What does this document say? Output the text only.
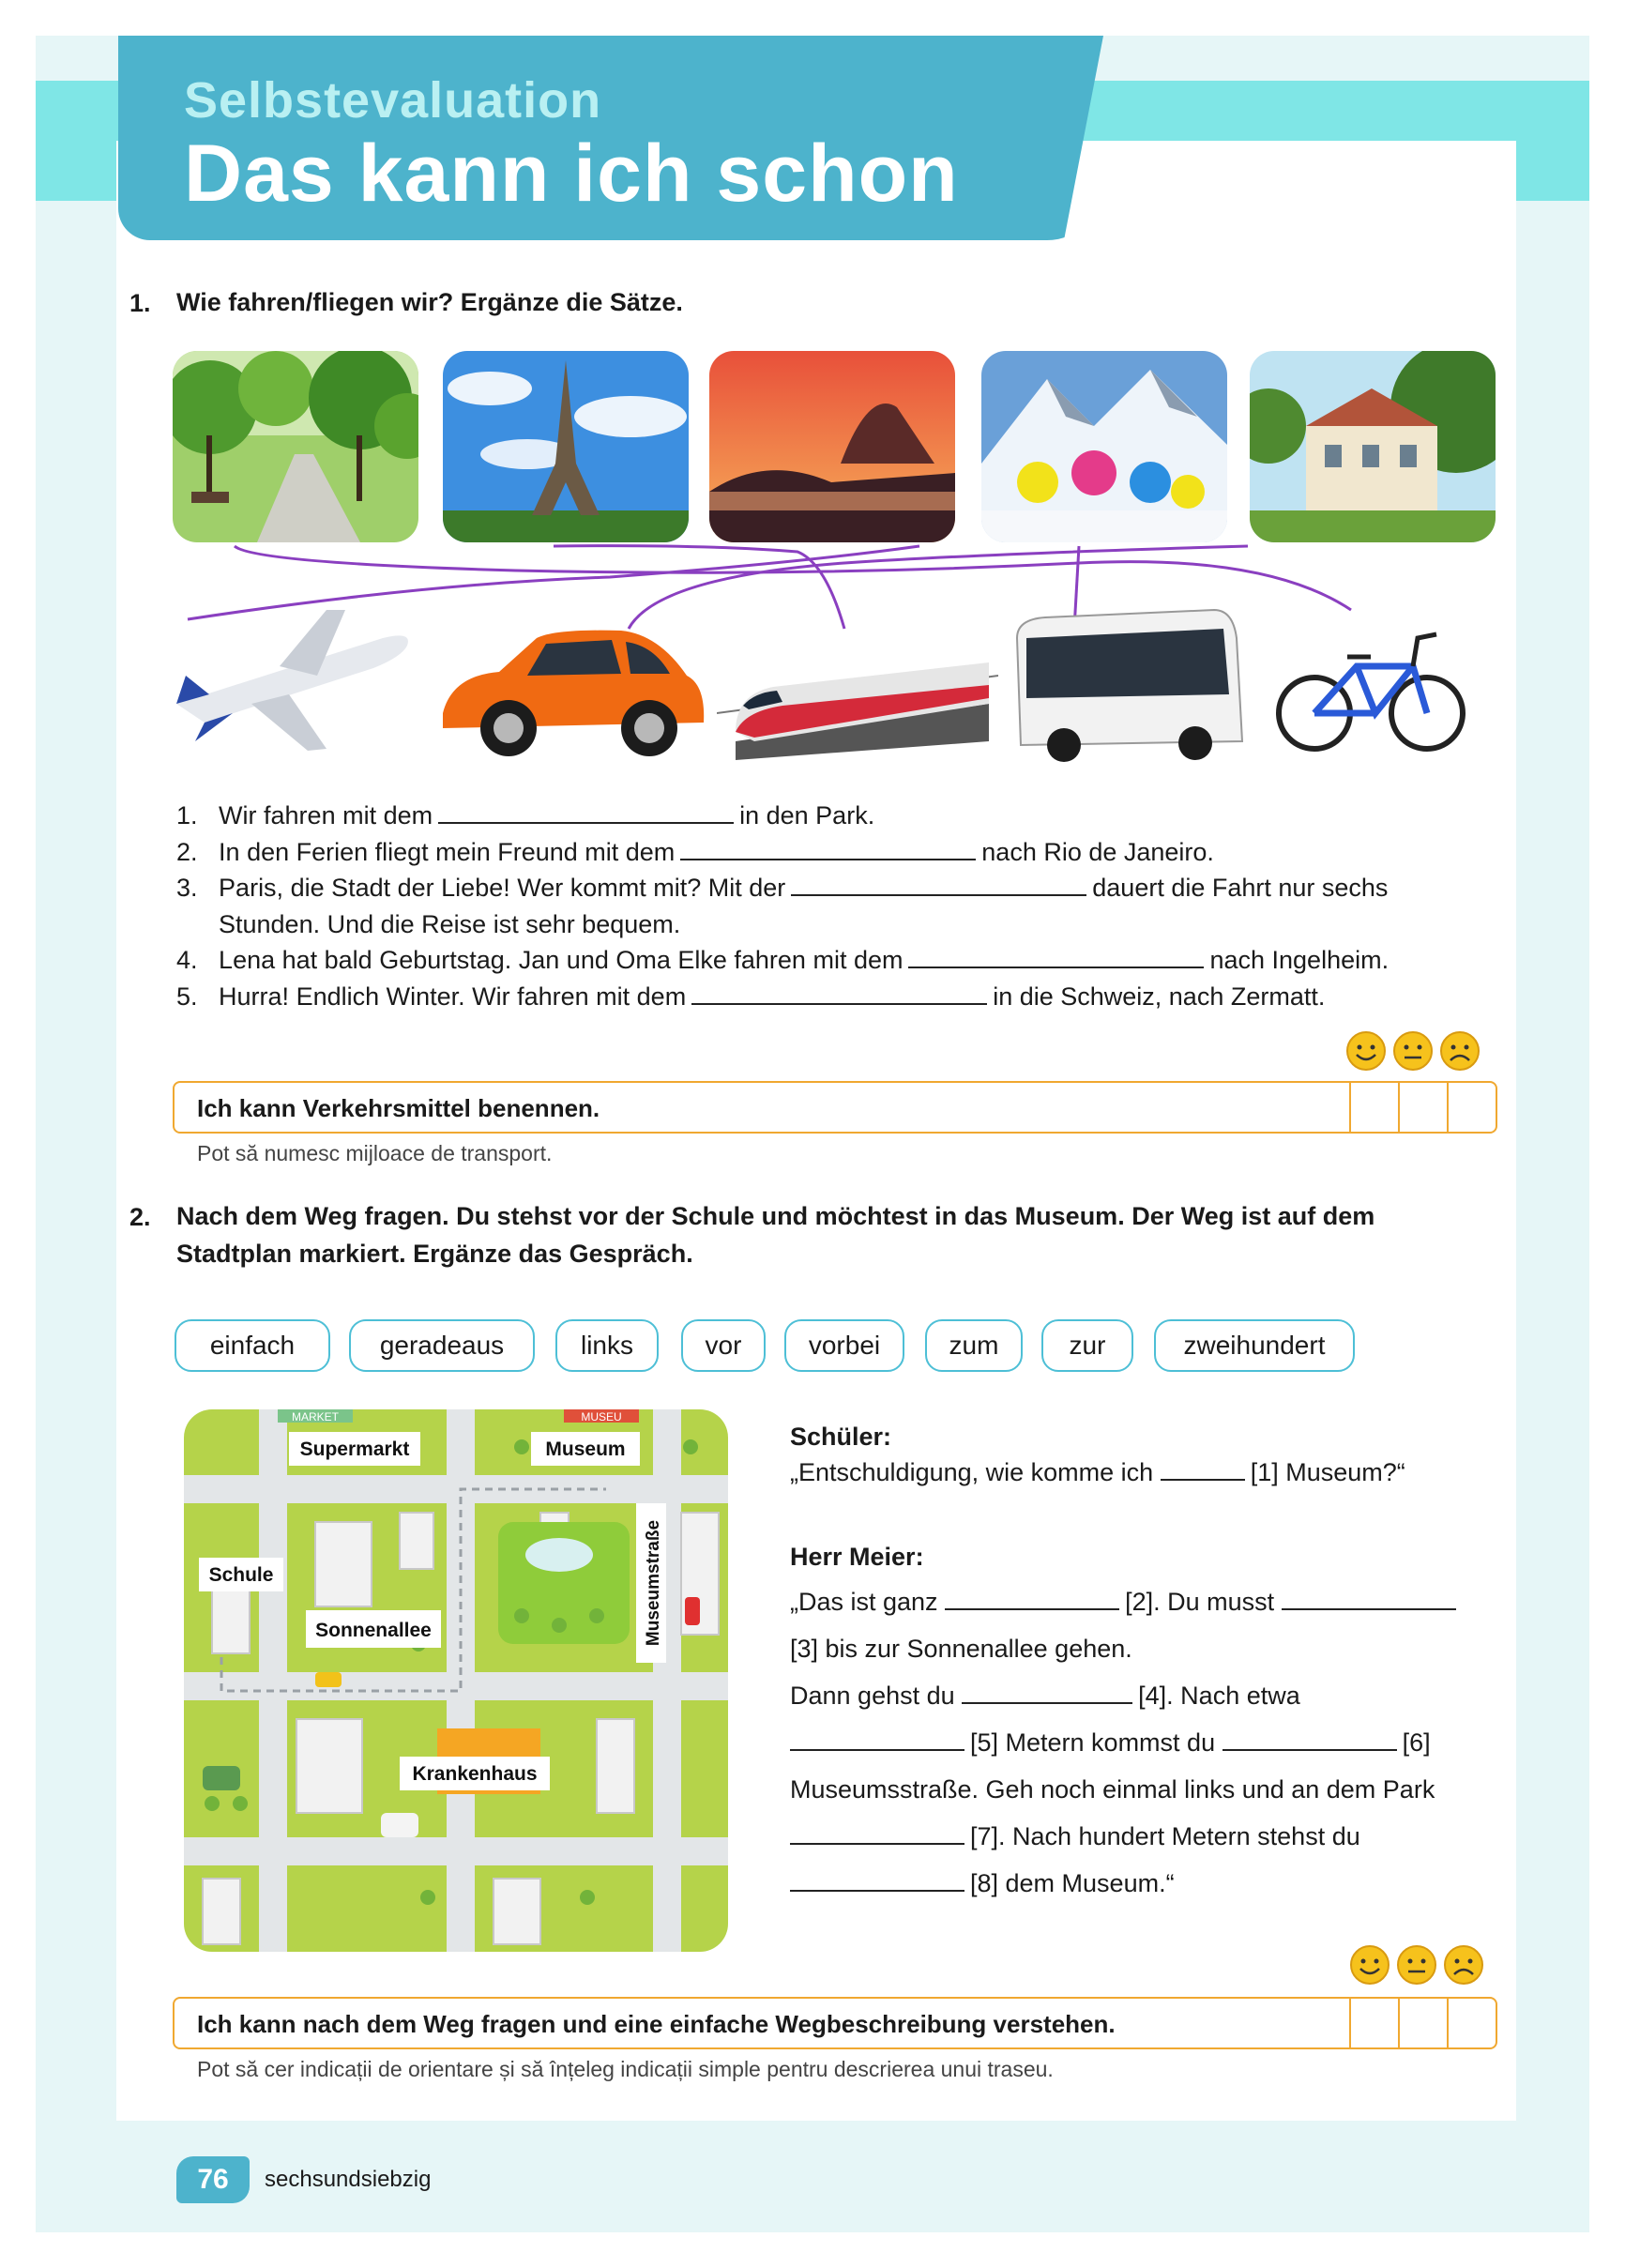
Selbstevaluation
Das kann ich schon
1. Wie fahren/fliegen wir? Ergänze die Sätze.
1. Wir fahren mit dem	in den Park.
2. In den Ferien fliegt mein Freund mit dem	nach Rio de Janeiro.
3. Paris, die Stadt der Liebe! Wer kommt mit? Mit der	dauert die Fahrt nur sechs
Stunden. Und die Reise ist sehr bequem.
4. Lena hat bald Geburtstag. Jan und Oma Elke fahren mit dem	nach Ingelheim.
5. Hurra! Endlich Winter. Wir fahren mit dem	in die Schweiz, nach Zermatt.
Ich kann Verkehrsmittel benennen.
Pot să numesc mijloace de transport.
2. Nach dem Weg fragen. Du stehst vor der Schule und möchtest in das Museum. Der Weg ist auf dem
Stadtplan markiert. Ergänze das Gespräch.
einfach	geradeaus	links	vor	vorbei	zum	zur	zweihundert
Supermarkt	Museum
Schule
Sonnenallee	Museumstraße
Krankenhaus
MARKET	MUSEU
Schüler:
„Entschuldigung, wie komme ich	[1] Museum?“
Herr Meier:
„Das ist ganz	[2]. Du musst
[3] bis zur Sonnenallee gehen.
Dann gehst du	[4]. Nach etwa
[5] Metern kommst du	[6]
Museumsstraße. Geh noch einmal links und an dem Park
[7]. Nach hundert Metern stehst du
[8] dem Museum.“
Ich kann nach dem Weg fragen und eine einfache Wegbeschreibung verstehen.
Pot să cer indicații de orientare și să înțeleg indicații simple pentru descrierea unui traseu.
76	sechsundsiebzig
